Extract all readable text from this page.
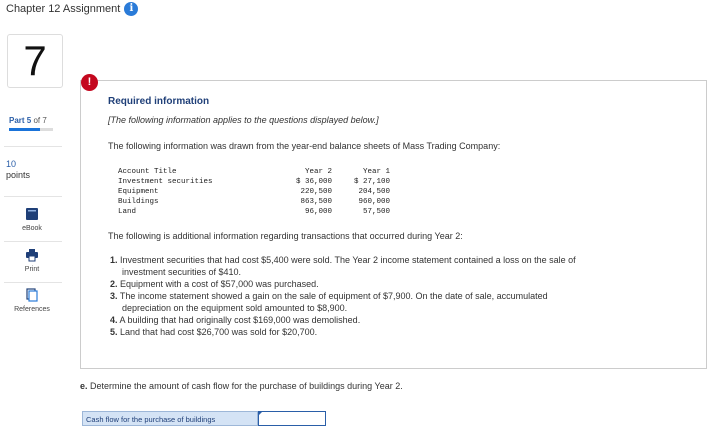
Chapter 12 Assignment i
7
Part 5 of 7
10
points
eBook
Print
References
!
Required information
[The following information applies to the questions displayed below.]
The following information was drawn from the year-end balance sheets of Mass Trading Company:
Account Title	Year 2	Year 1
Investment securities	$ 36,000	$ 27,100
Equipment	220,500	204,500
Buildings	863,500	960,000
Land	96,000	57,500
The following is additional information regarding transactions that occurred during Year 2:
1. Investment securities that had cost $5,400 were sold. The Year 2 income statement contained a loss on the sale of
investment securities of $410.
2. Equipment with a cost of $57,000 was purchased.
3. The income statement showed a gain on the sale of equipment of $7,900. On the date of sale, accumulated
depreciation on the equipment sold amounted to $8,900.
4. A building that had originally cost $169,000 was demolished.
5. Land that had cost $26,700 was sold for $20,700.
e. Determine the amount of cash flow for the purchase of buildings during Year 2.
Cash flow for the purchase of buildings
